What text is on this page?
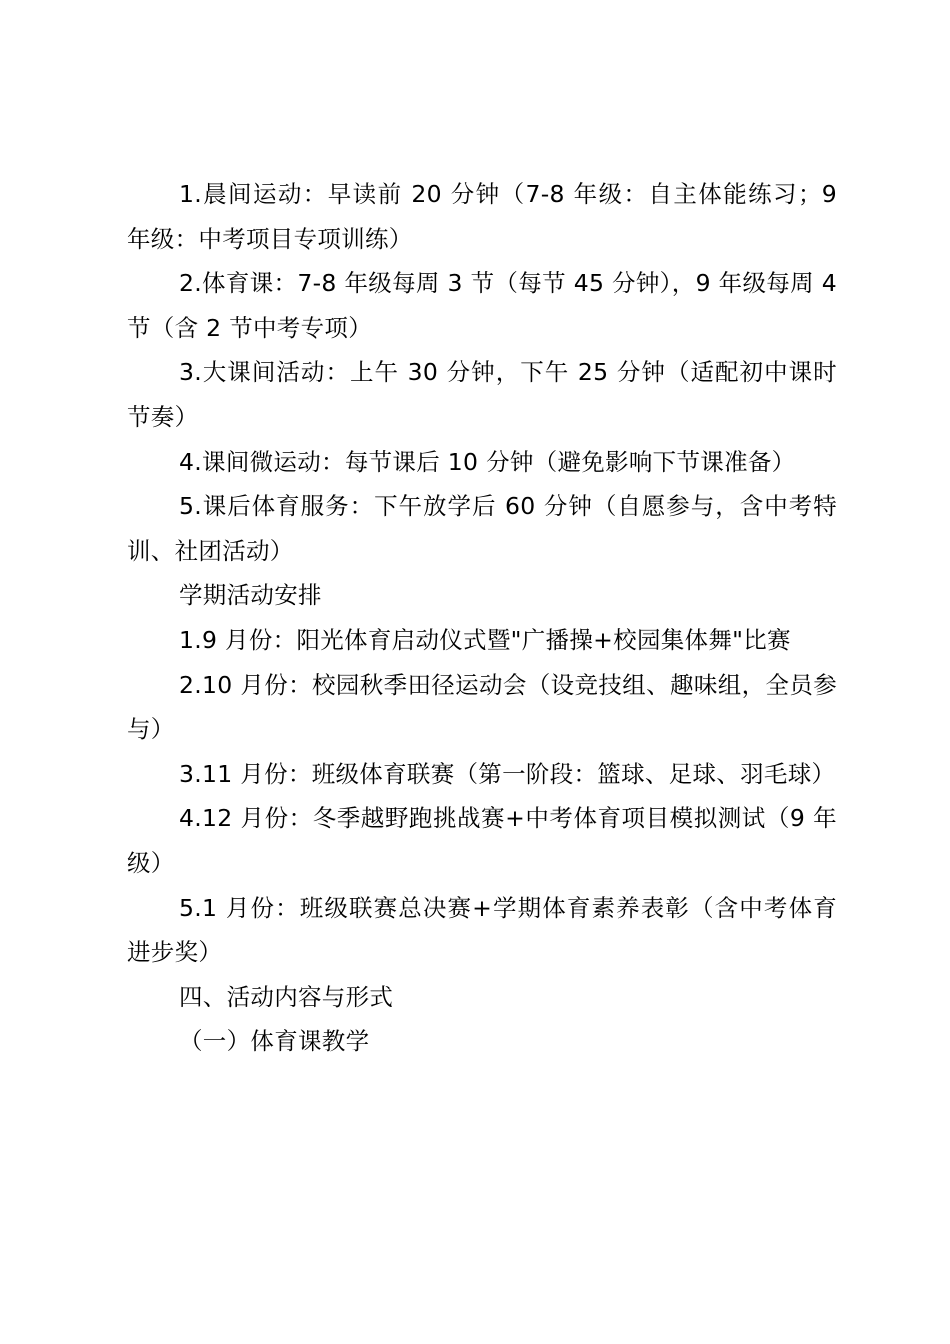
1.晨间运动：早读前 20 分钟（7-8 年级：自主体能练习；9 年级：中考项目专项训练）

2.体育课：7-8 年级每周 3 节（每节 45 分钟），9 年级每周 4 节（含 2 节中考专项）

3.大课间活动：上午 30 分钟，下午 25 分钟（适配初中课时节奏）

4.课间微运动：每节课后 10 分钟（避免影响下节课准备）

5.课后体育服务：下午放学后 60 分钟（自愿参与，含中考特训、社团活动）

学期活动安排

1.9 月份：阳光体育启动仪式暨"广播操+校园集体舞"比赛

2.10 月份：校园秋季田径运动会（设竞技组、趣味组，全员参与）

3.11 月份：班级体育联赛（第一阶段：篮球、足球、羽毛球）

4.12 月份：冬季越野跑挑战赛+中考体育项目模拟测试（9 年级）

5.1 月份：班级联赛总决赛+学期体育素养表彰（含中考体育进步奖）

四、活动内容与形式

（一）体育课教学
